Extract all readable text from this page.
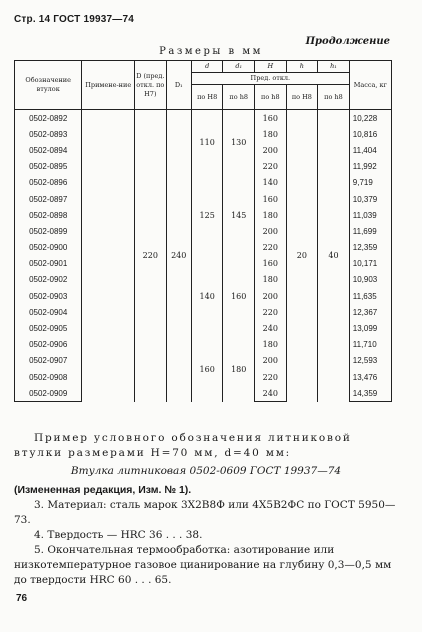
Стр. 14 ГОСТ 19937—74
Продолжение
Размеры в мм
Обозначение втулок	Примене-ние	D (пред. откл. по H7)	D₁	d	d₁	H	h	h₁	Масса, кг
				Пред. откл.					
				по H8	по h8	по h8	по H8	по h8	
0502-0892		220	240	110	130	160	20	40	10,228
0502-0893						180			10,816
0502-0894						200			11,404
0502-0895						220			11,992
0502-0896				125	145	140			9,719
0502-0897						160			10,379
0502-0898						180			11,039
0502-0899						200			11,699
0502-0900						220			12,359
0502-0901				140	160	160			10,171
0502-0902						180			10,903
0502-0903						200			11,635
0502-0904						220			12,367
0502-0905						240			13,099
0502-0906				160	180	180			11,710
0502-0907						200			12,593
0502-0908						220			13,476
0502-0909						240			14,359
Пример условного обозначения литниковой втулки размерами H=70 мм, d=40 мм:
Втулка литниковая 0502-0609 ГОСТ 19937—74
(Измененная редакция, Изм. № 1).
3. Материал: сталь марок 3Х2В8Ф или 4Х5В2ФС по ГОСТ 5950—73.
4. Твердость — HRC 36 . . . 38.
5. Окончательная термообработка: азотирование или низкотемпературное газовое цианирование на глубину 0,3—0,5 мм до твердости HRC 60 . . . 65.
76
